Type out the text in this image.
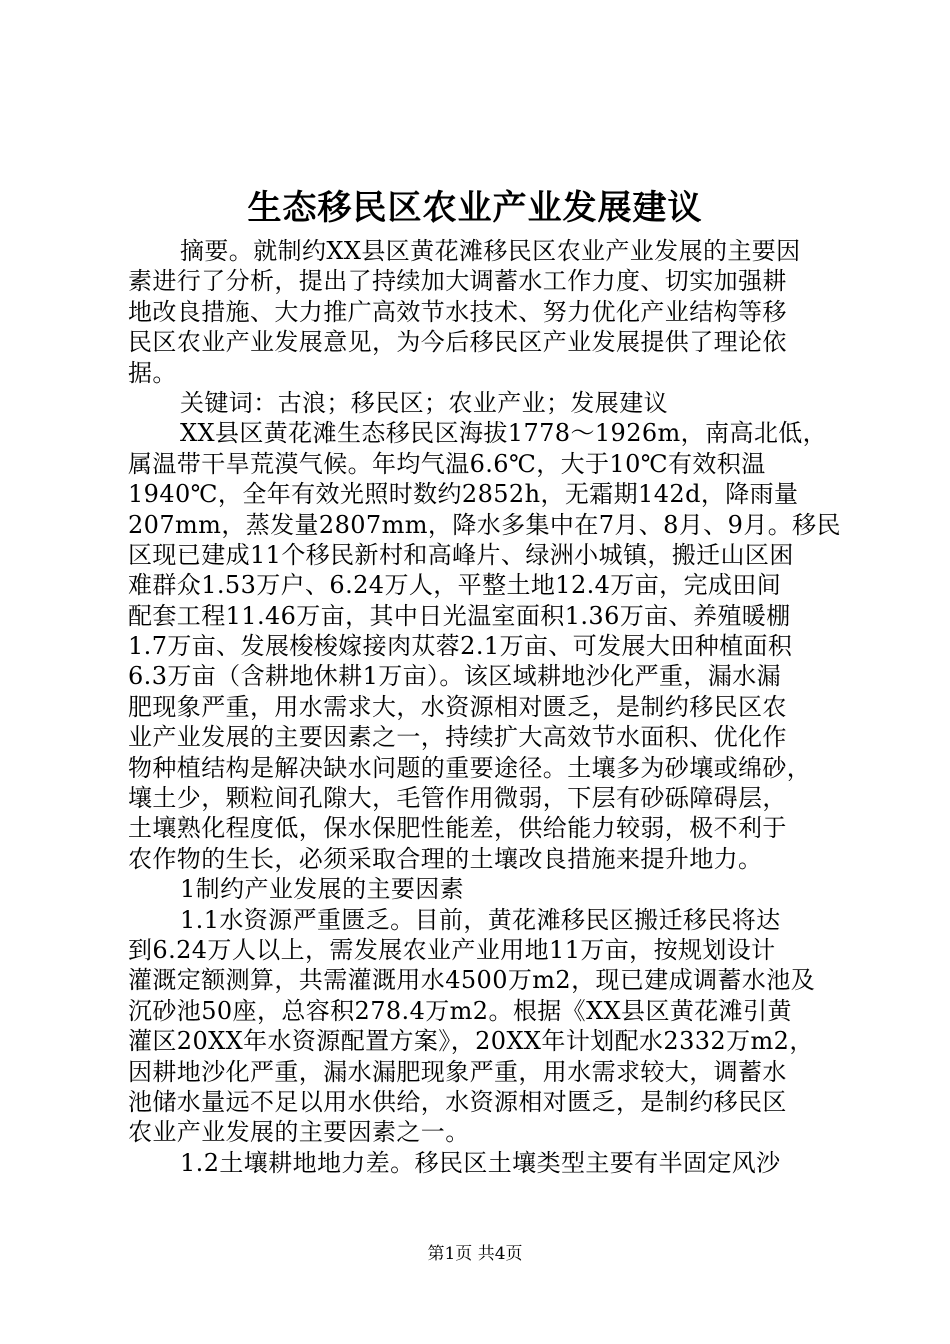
生态移民区农业产业发展建议
摘要。就制约XX县区黄花滩移民区农业产业发展的主要因
素进行了分析，提出了持续加大调蓄水工作力度、切实加强耕
地改良措施、大力推广高效节水技术、努力优化产业结构等移
民区农业产业发展意见，为今后移民区产业发展提供了理论依
据。
关键词：古浪；移民区；农业产业；发展建议
XX县区黄花滩生态移民区海拔1778～1926m，南高北低，
属温带干旱荒漠气候。年均气温6.6℃，大于10℃有效积温
1940℃，全年有效光照时数约2852h，无霜期142d，降雨量
207mm，蒸发量2807mm，降水多集中在7月、8月、9月。移民
区现已建成11个移民新村和高峰片、绿洲小城镇，搬迁山区困
难群众1.53万户、6.24万人，平整土地12.4万亩，完成田间
配套工程11.46万亩，其中日光温室面积1.36万亩、养殖暖棚
1.7万亩、发展梭梭嫁接肉苁蓉2.1万亩、可发展大田种植面积
6.3万亩（含耕地休耕1万亩）。该区域耕地沙化严重，漏水漏
肥现象严重，用水需求大，水资源相对匮乏，是制约移民区农
业产业发展的主要因素之一，持续扩大高效节水面积、优化作
物种植结构是解决缺水问题的重要途径。土壤多为砂壤或绵砂，
壤土少，颗粒间孔隙大，毛管作用微弱，下层有砂砾障碍层，
土壤熟化程度低，保水保肥性能差，供给能力较弱，极不利于
农作物的生长，必须采取合理的土壤改良措施来提升地力。
1制约产业发展的主要因素
1.1水资源严重匮乏。目前，黄花滩移民区搬迁移民将达
到6.24万人以上，需发展农业产业用地11万亩，按规划设计
灌溉定额测算，共需灌溉用水4500万m2，现已建成调蓄水池及
沉砂池50座，总容积278.4万m2。根据《XX县区黄花滩引黄
灌区20XX年水资源配置方案》，20XX年计划配水2332万m2，
因耕地沙化严重，漏水漏肥现象严重，用水需求较大，调蓄水
池储水量远不足以用水供给，水资源相对匮乏，是制约移民区
农业产业发展的主要因素之一。
1.2土壤耕地地力差。移民区土壤类型主要有半固定风沙
第1页 共4页
